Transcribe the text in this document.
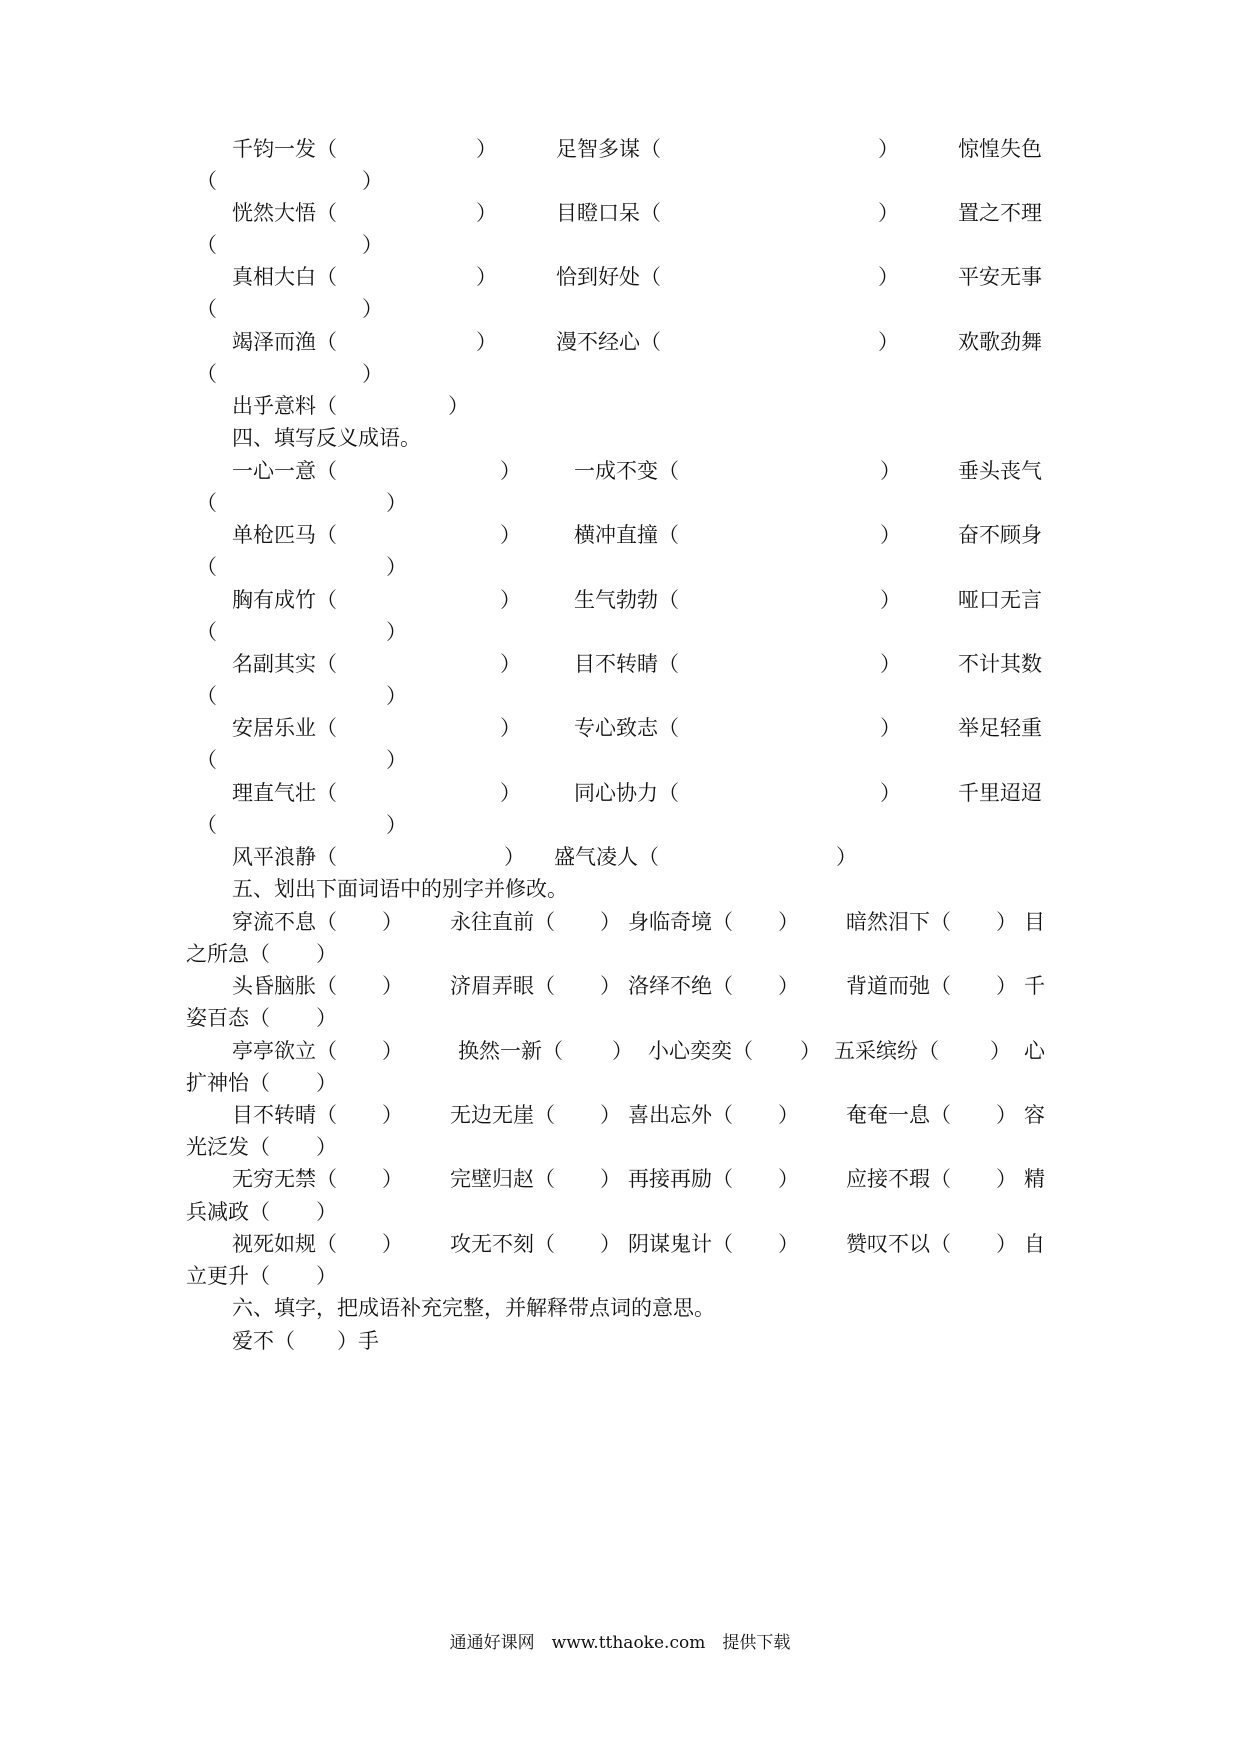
千钧一发（	）	足智多谋（	）	惊惶失色
（	）
恍然大悟（	）	目瞪口呆（	）	置之不理
（	）
真相大白（	）	恰到好处（	）	平安无事
（	）
竭泽而渔（	）	漫不经心（	）	欢歌劲舞
（	）
出乎意料（	）
四、填写反义成语。
一心一意（	）	一成不变（	）	垂头丧气
（	）
单枪匹马（	）	横冲直撞（	）	奋不顾身
（	）
胸有成竹（	）	生气勃勃（	）	哑口无言
（	）
名副其实（	）	目不转睛（	）	不计其数
（	）
安居乐业（	）	专心致志（	）	举足轻重
（	）
理直气壮（	）	同心协力（	）	千里迢迢
（	）
风平浪静（	） 盛气凌人（	）
五、划出下面词语中的别字并修改。
穿流不息（ ） 永往直前（ ） 身临奇境（ ） 暗然泪下（ ） 目
之所急（ ）
头昏脑胀（ ） 济眉弄眼（ ） 洛绎不绝（ ） 背道而弛（ ） 千
姿百态（ ）
亭亭欲立（ ）	换然一新（ ） 小心奕奕（ ） 五采缤纷（ ） 心
扩神怡（ ）
目不转晴（ ） 无边无崖（ ） 喜出忘外（ ） 奄奄一息（ ） 容
光泛发（ ）
无穷无禁（ ） 完壁归赵（ ） 再接再励（ ） 应接不瑕（ ） 精
兵减政（ ）
视死如规（ ） 攻无不刻（ ） 阴谋鬼计（ ） 赞叹不以（ ） 自
立更升（ ）
六、填字，把成语补充完整，并解释带点词的意思。
爱不（　　）手
通通好课网　www.tthaoke.com　提供下载
